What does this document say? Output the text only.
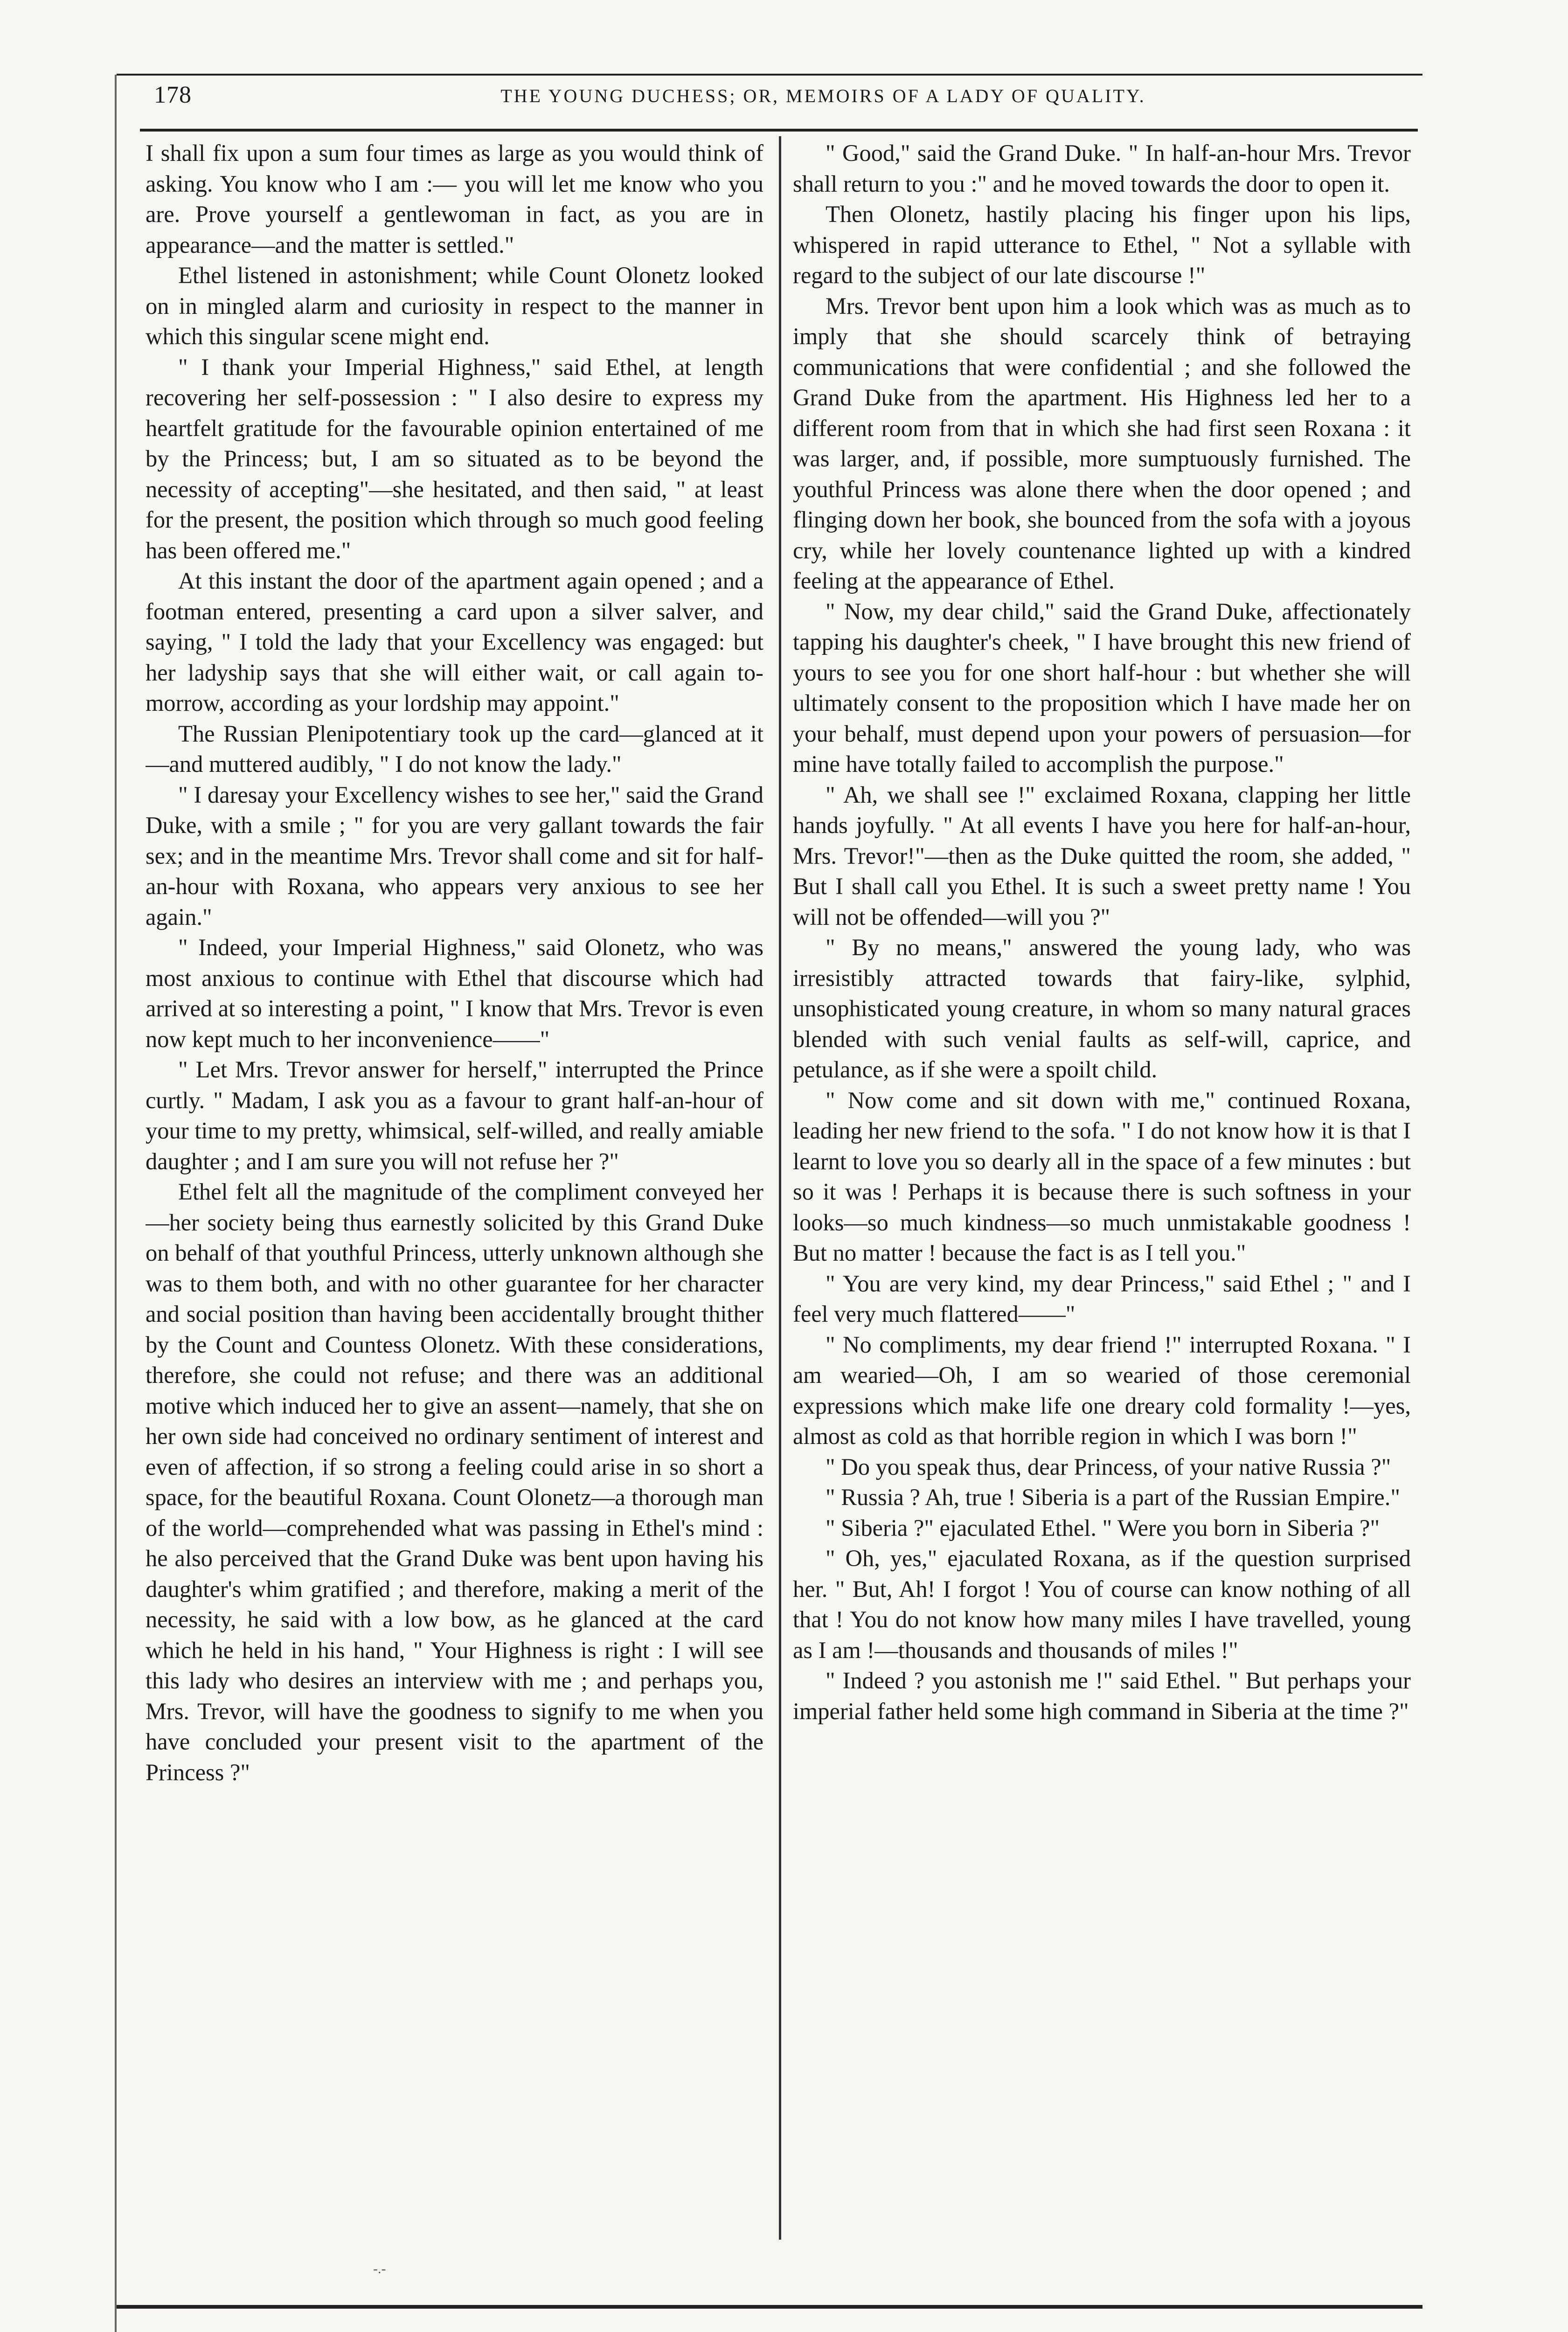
178	THE YOUNG DUCHESS; OR, MEMOIRS OF A LADY OF QUALITY.

I shall fix upon a sum four times as large as you would think of asking. You know who I am :— you will let me know who you are. Prove yourself a gentlewoman in fact, as you are in appearance—and the matter is settled."

Ethel listened in astonishment; while Count Olonetz looked on in mingled alarm and curiosity in respect to the manner in which this singular scene might end.

" I thank your Imperial Highness," said Ethel, at length recovering her self-possession : " I also desire to express my heartfelt gratitude for the favourable opinion entertained of me by the Princess; but, I am so situated as to be beyond the necessity of accepting"—she hesitated, and then said, " at least for the present, the position which through so much good feeling has been offered me."

At this instant the door of the apartment again opened ; and a footman entered, presenting a card upon a silver salver, and saying, " I told the lady that your Excellency was engaged: but her ladyship says that she will either wait, or call again to-morrow, according as your lordship may appoint."

The Russian Plenipotentiary took up the card—glanced at it—and muttered audibly, " I do not know the lady."

" I daresay your Excellency wishes to see her," said the Grand Duke, with a smile ; " for you are very gallant towards the fair sex; and in the meantime Mrs. Trevor shall come and sit for half-an-hour with Roxana, who appears very anxious to see her again."

" Indeed, your Imperial Highness," said Olonetz, who was most anxious to continue with Ethel that discourse which had arrived at so interesting a point, " I know that Mrs. Trevor is even now kept much to her inconvenience——"

" Let Mrs. Trevor answer for herself," interrupted the Prince curtly. " Madam, I ask you as a favour to grant half-an-hour of your time to my pretty, whimsical, self-willed, and really amiable daughter ; and I am sure you will not refuse her ?"

Ethel felt all the magnitude of the compliment conveyed her—her society being thus earnestly solicited by this Grand Duke on behalf of that youthful Princess, utterly unknown although she was to them both, and with no other guarantee for her character and social position than having been accidentally brought thither by the Count and Countess Olonetz. With these considerations, therefore, she could not refuse; and there was an additional motive which induced her to give an assent—namely, that she on her own side had conceived no ordinary sentiment of interest and even of affection, if so strong a feeling could arise in so short a space, for the beautiful Roxana. Count Olonetz—a thorough man of the world—comprehended what was passing in Ethel's mind : he also perceived that the Grand Duke was bent upon having his daughter's whim gratified ; and therefore, making a merit of the necessity, he said with a low bow, as he glanced at the card which he held in his hand, " Your Highness is right : I will see this lady who desires an interview with me ; and perhaps you, Mrs. Trevor, will have the goodness to signify to me when you have concluded your present visit to the apartment of the Princess ?"

" Good," said the Grand Duke. " In half-an-hour Mrs. Trevor shall return to you :" and he moved towards the door to open it.

Then Olonetz, hastily placing his finger upon his lips, whispered in rapid utterance to Ethel, " Not a syllable with regard to the subject of our late discourse !"

Mrs. Trevor bent upon him a look which was as much as to imply that she should scarcely think of betraying communications that were confidential ; and she followed the Grand Duke from the apartment. His Highness led her to a different room from that in which she had first seen Roxana : it was larger, and, if possible, more sumptuously furnished. The youthful Princess was alone there when the door opened ; and flinging down her book, she bounced from the sofa with a joyous cry, while her lovely countenance lighted up with a kindred feeling at the appearance of Ethel.

" Now, my dear child," said the Grand Duke, affectionately tapping his daughter's cheek, " I have brought this new friend of yours to see you for one short half-hour : but whether she will ultimately consent to the proposition which I have made her on your behalf, must depend upon your powers of persuasion—for mine have totally failed to accomplish the purpose."

" Ah, we shall see !" exclaimed Roxana, clapping her little hands joyfully. " At all events I have you here for half-an-hour, Mrs. Trevor!"—then as the Duke quitted the room, she added, " But I shall call you Ethel. It is such a sweet pretty name ! You will not be offended—will you ?"

" By no means," answered the young lady, who was irresistibly attracted towards that fairy-like, sylphid, unsophisticated young creature, in whom so many natural graces blended with such venial faults as self-will, caprice, and petulance, as if she were a spoilt child.

" Now come and sit down with me," continued Roxana, leading her new friend to the sofa. " I do not know how it is that I learnt to love you so dearly all in the space of a few minutes : but so it was ! Perhaps it is because there is such softness in your looks—so much kindness—so much unmistakable goodness ! But no matter ! because the fact is as I tell you."

" You are very kind, my dear Princess," said Ethel ; " and I feel very much flattered——"

" No compliments, my dear friend !" interrupted Roxana. " I am wearied—Oh, I am so wearied of those ceremonial expressions which make life one dreary cold formality !—yes, almost as cold as that horrible region in which I was born !"

" Do you speak thus, dear Princess, of your native Russia ?"

" Russia ? Ah, true ! Siberia is a part of the Russian Empire."

" Siberia ?" ejaculated Ethel. " Were you born in Siberia ?"

" Oh, yes," ejaculated Roxana, as if the question surprised her. " But, Ah! I forgot ! You of course can know nothing of all that ! You do not know how many miles I have travelled, young as I am !—thousands and thousands of miles !"

" Indeed ? you astonish me !" said Ethel. " But perhaps your imperial father held some high command in Siberia at the time ?"

-.-
